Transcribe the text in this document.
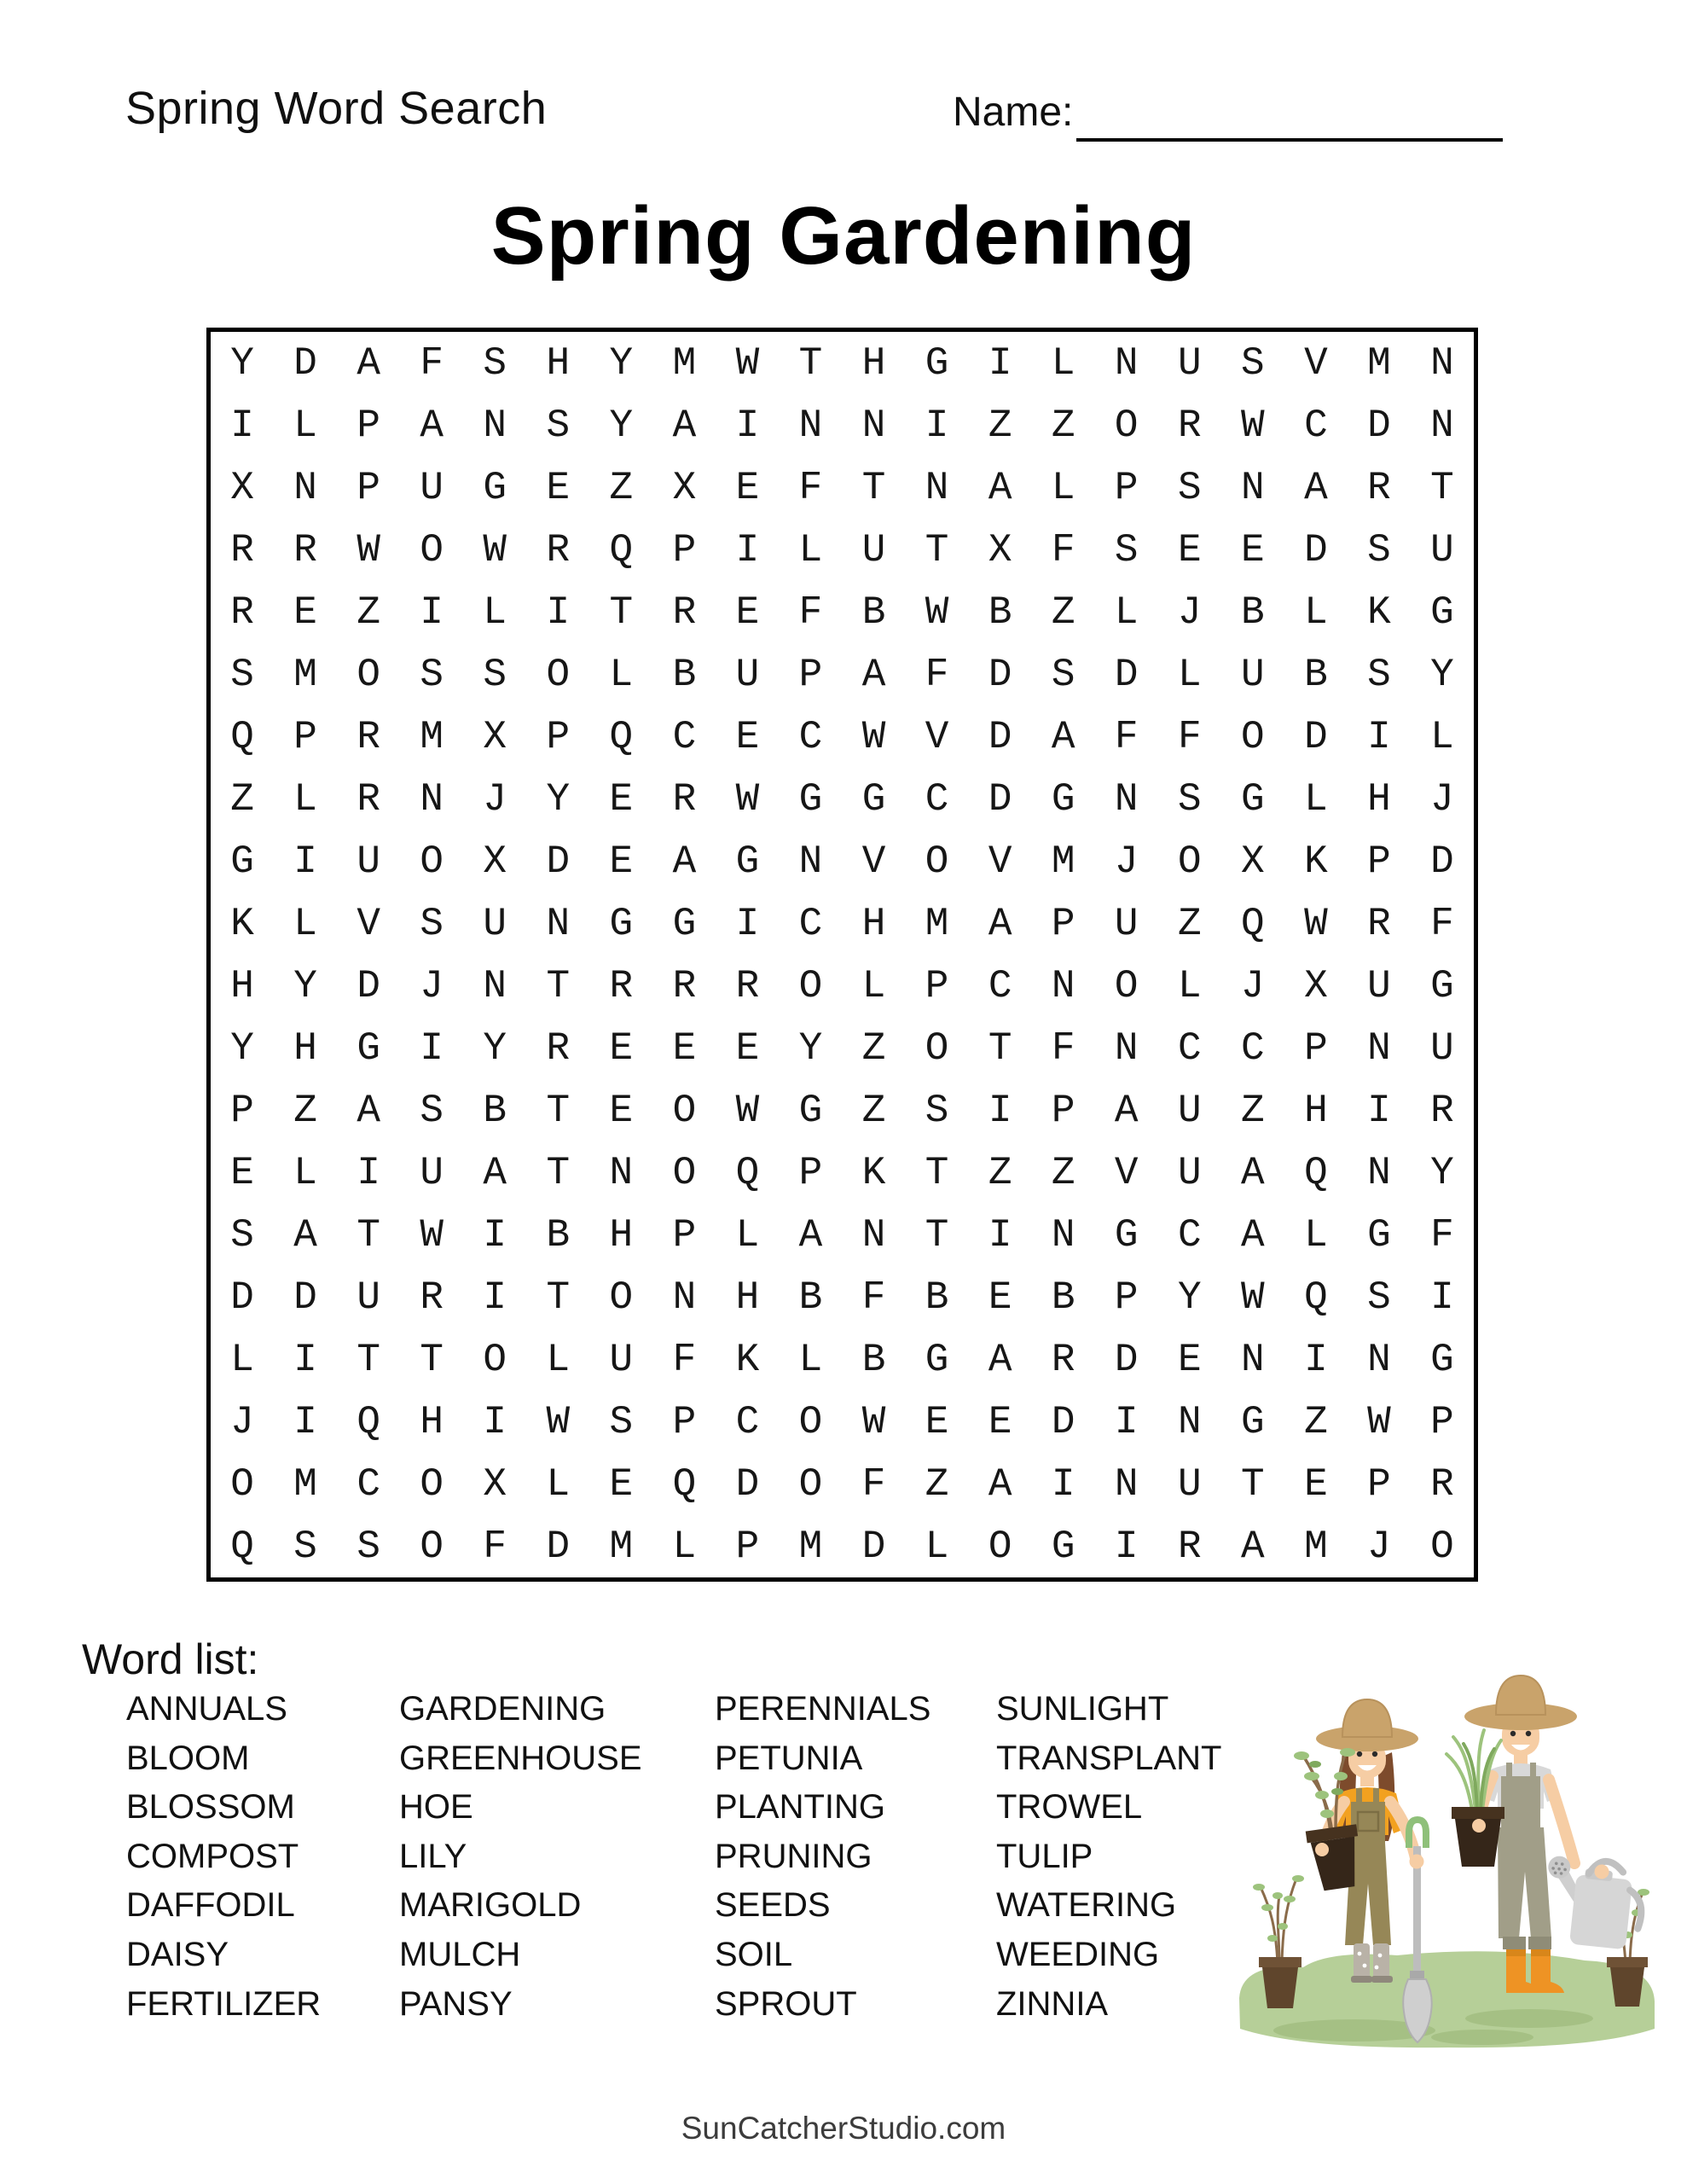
Spring Word Search	Name:
Spring Gardening
Y	D	A	F	S	H	Y	M	W	T	H	G	I	L	N	U	S	V	M	N
I	L	P	A	N	S	Y	A	I	N	N	I	Z	Z	O	R	W	C	D	N
X	N	P	U	G	E	Z	X	E	F	T	N	A	L	P	S	N	A	R	T
R	R	W	O	W	R	Q	P	I	L	U	T	X	F	S	E	E	D	S	U
R	E	Z	I	L	I	T	R	E	F	B	W	B	Z	L	J	B	L	K	G
S	M	O	S	S	O	L	B	U	P	A	F	D	S	D	L	U	B	S	Y
Q	P	R	M	X	P	Q	C	E	C	W	V	D	A	F	F	O	D	I	L
Z	L	R	N	J	Y	E	R	W	G	G	C	D	G	N	S	G	L	H	J
G	I	U	O	X	D	E	A	G	N	V	O	V	M	J	O	X	K	P	D
K	L	V	S	U	N	G	G	I	C	H	M	A	P	U	Z	Q	W	R	F
H	Y	D	J	N	T	R	R	R	O	L	P	C	N	O	L	J	X	U	G
Y	H	G	I	Y	R	E	E	E	Y	Z	O	T	F	N	C	C	P	N	U
P	Z	A	S	B	T	E	O	W	G	Z	S	I	P	A	U	Z	H	I	R
E	L	I	U	A	T	N	O	Q	P	K	T	Z	Z	V	U	A	Q	N	Y
S	A	T	W	I	B	H	P	L	A	N	T	I	N	G	C	A	L	G	F
D	D	U	R	I	T	O	N	H	B	F	B	E	B	P	Y	W	Q	S	I
L	I	T	T	O	L	U	F	K	L	B	G	A	R	D	E	N	I	N	G
J	I	Q	H	I	W	S	P	C	O	W	E	E	D	I	N	G	Z	W	P
O	M	C	O	X	L	E	Q	D	O	F	Z	A	I	N	U	T	E	P	R
Q	S	S	O	F	D	M	L	P	M	D	L	O	G	I	R	A	M	J	O
Word list:
ANNUALS
BLOOM
BLOSSOM
COMPOST
DAFFODIL
DAISY
FERTILIZER
GARDENING
GREENHOUSE
HOE
LILY
MARIGOLD
MULCH
PANSY
PERENNIALS
PETUNIA
PLANTING
PRUNING
SEEDS
SOIL
SPROUT
SUNLIGHT
TRANSPLANT
TROWEL
TULIP
WATERING
WEEDING
ZINNIA
SunCatcherStudio.com
